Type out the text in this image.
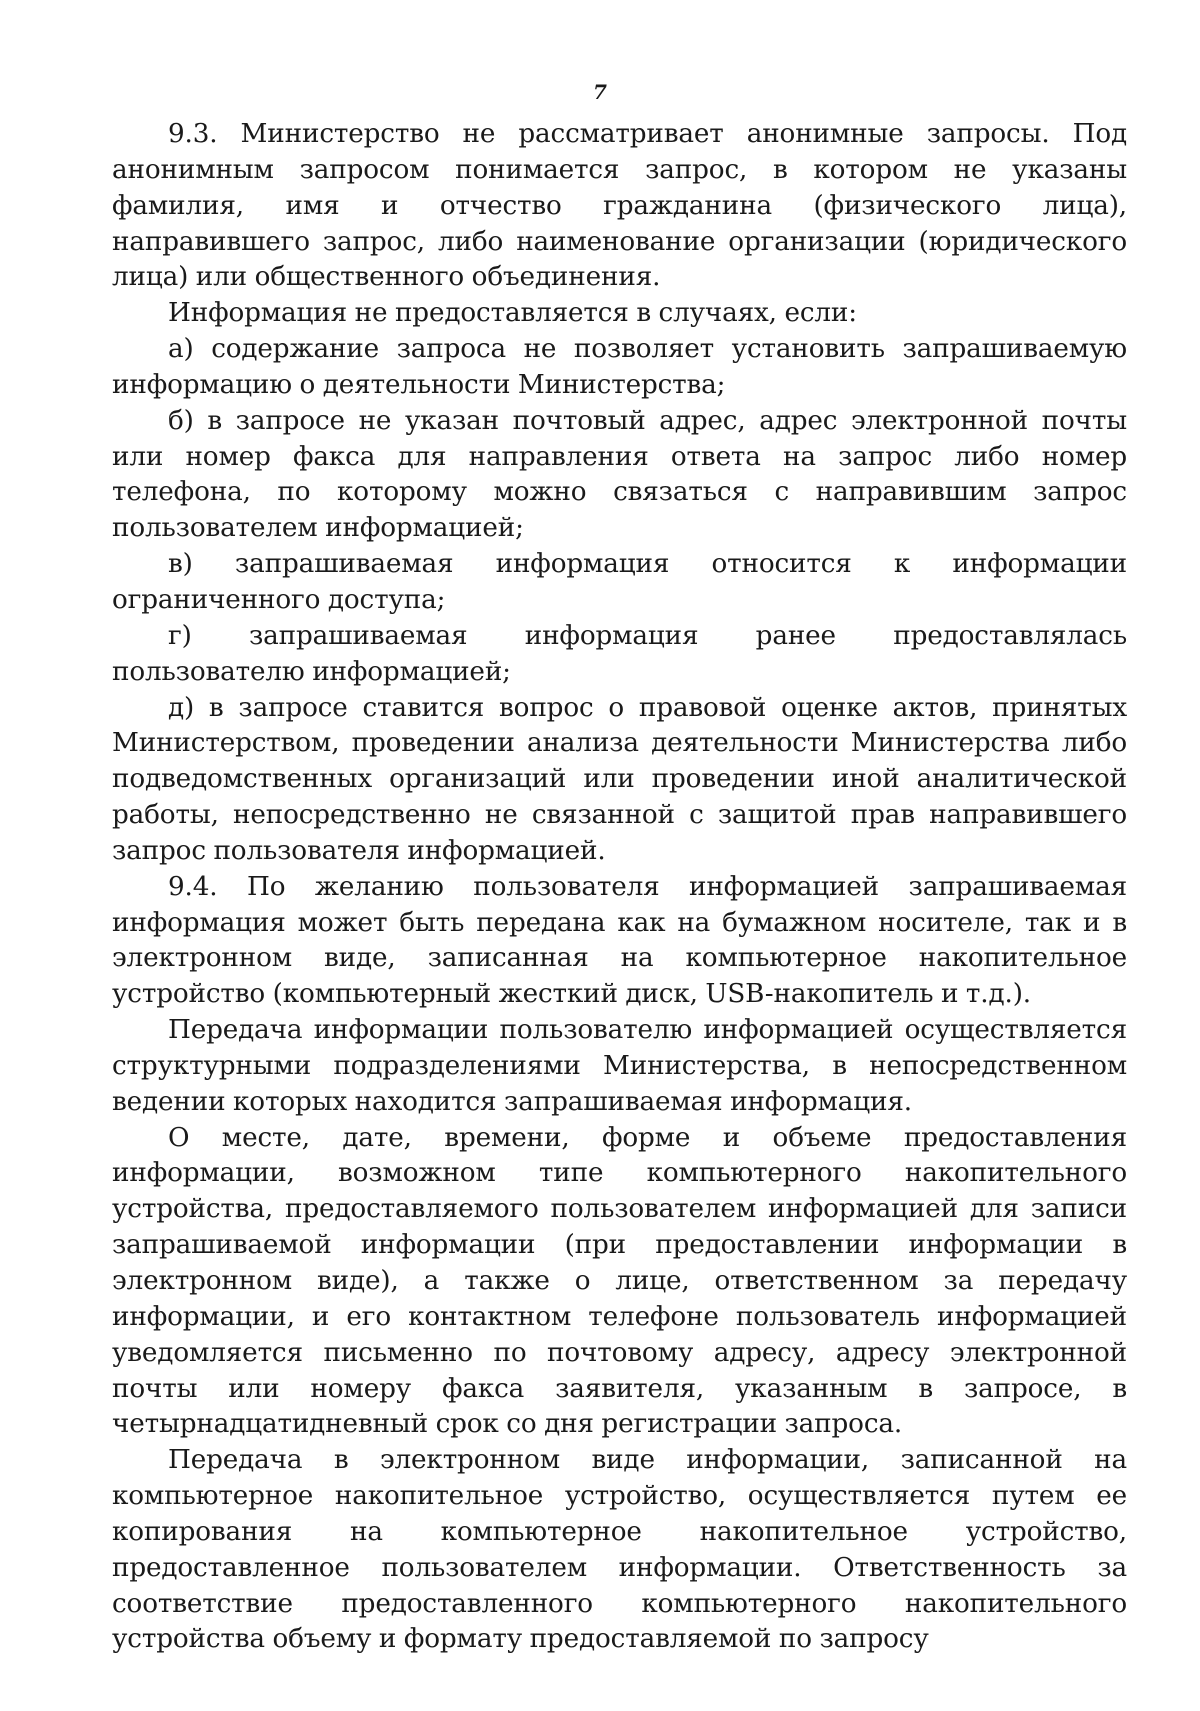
7

9.3. Министерство не рассматривает анонимные запросы. Под анонимным запросом понимается запрос, в котором не указаны фамилия, имя и отчество гражданина (физического лица), направившего запрос, либо наименование организации (юридического лица) или общественного объединения.

Информация не предоставляется в случаях, если:

а) содержание запроса не позволяет установить запрашиваемую информацию о деятельности Министерства;

б) в запросе не указан почтовый адрес, адрес электронной почты или номер факса для направления ответа на запрос либо номер телефона, по которому можно связаться с направившим запрос пользователем информацией;

в) запрашиваемая информация относится к информации ограниченного доступа;

г) запрашиваемая информация ранее предоставлялась пользователю информацией;

д) в запросе ставится вопрос о правовой оценке актов, принятых Министерством, проведении анализа деятельности Министерства либо подведомственных организаций или проведении иной аналитической работы, непосредственно не связанной с защитой прав направившего запрос пользователя информацией.

9.4. По желанию пользователя информацией запрашиваемая информация может быть передана как на бумажном носителе, так и в электронном виде, записанная на компьютерное накопительное устройство (компьютерный жесткий диск, USB-накопитель и т.д.).

Передача информации пользователю информацией осуществляется структурными подразделениями Министерства, в непосредственном ведении которых находится запрашиваемая информация.

О месте, дате, времени, форме и объеме предоставления информации, возможном типе компьютерного накопительного устройства, предоставляемого пользователем информацией для записи запрашиваемой информации (при предоставлении информации в электронном виде), а также о лице, ответственном за передачу информации, и его контактном телефоне пользователь информацией уведомляется письменно по почтовому адресу, адресу электронной почты или номеру факса заявителя, указанным в запросе, в четырнадцатидневный срок со дня регистрации запроса.

Передача в электронном виде информации, записанной на компьютерное накопительное устройство, осуществляется путем ее копирования на компьютерное накопительное устройство, предоставленное пользователем информации. Ответственность за соответствие предоставленного компьютерного накопительного устройства объему и формату предоставляемой по запросу
